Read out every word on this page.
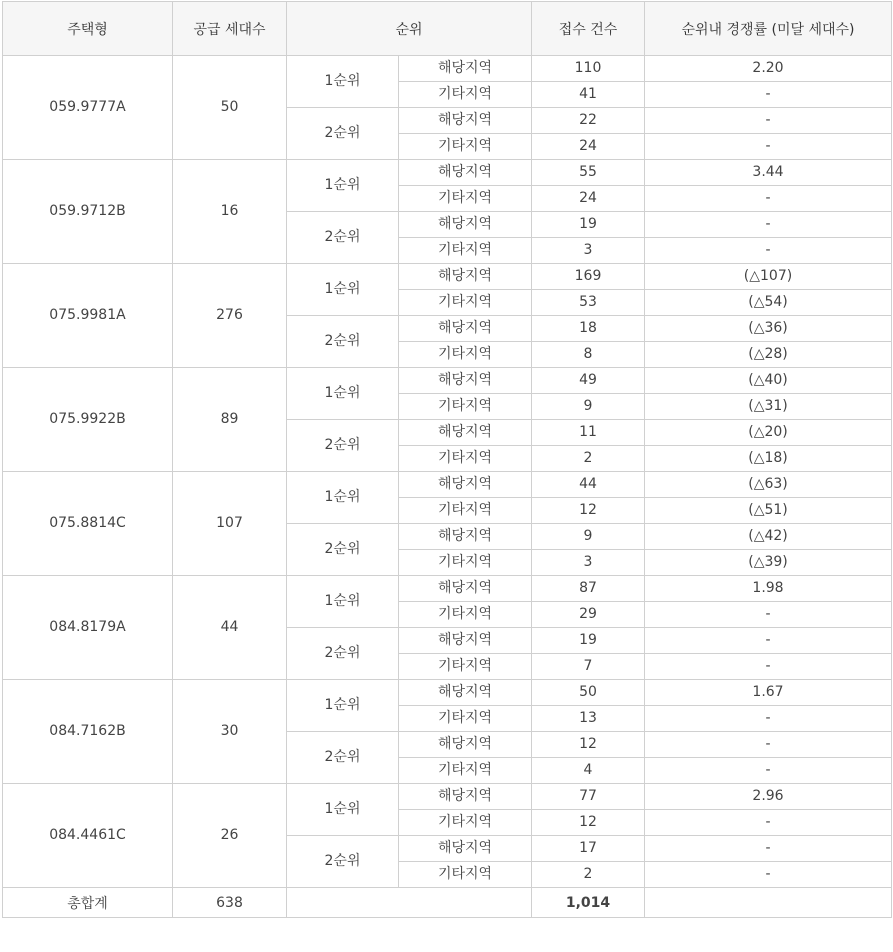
주택형	공급 세대수	순위		접수 건수	순위내 경쟁률 (미달 세대수)
059.9777A	50	1순위	해당지역	110	2.20
			기타지역	41	-
		2순위	해당지역	22	-
			기타지역	24	-
059.9712B	16	1순위	해당지역	55	3.44
			기타지역	24	-
		2순위	해당지역	19	-
			기타지역	3	-
075.9981A	276	1순위	해당지역	169	(△107)
			기타지역	53	(△54)
		2순위	해당지역	18	(△36)
			기타지역	8	(△28)
075.9922B	89	1순위	해당지역	49	(△40)
			기타지역	9	(△31)
		2순위	해당지역	11	(△20)
			기타지역	2	(△18)
075.8814C	107	1순위	해당지역	44	(△63)
			기타지역	12	(△51)
		2순위	해당지역	9	(△42)
			기타지역	3	(△39)
084.8179A	44	1순위	해당지역	87	1.98
			기타지역	29	-
		2순위	해당지역	19	-
			기타지역	7	-
084.7162B	30	1순위	해당지역	50	1.67
			기타지역	13	-
		2순위	해당지역	12	-
			기타지역	4	-
084.4461C	26	1순위	해당지역	77	2.96
			기타지역	12	-
		2순위	해당지역	17	-
			기타지역	2	-
총합계	638			1,014	
